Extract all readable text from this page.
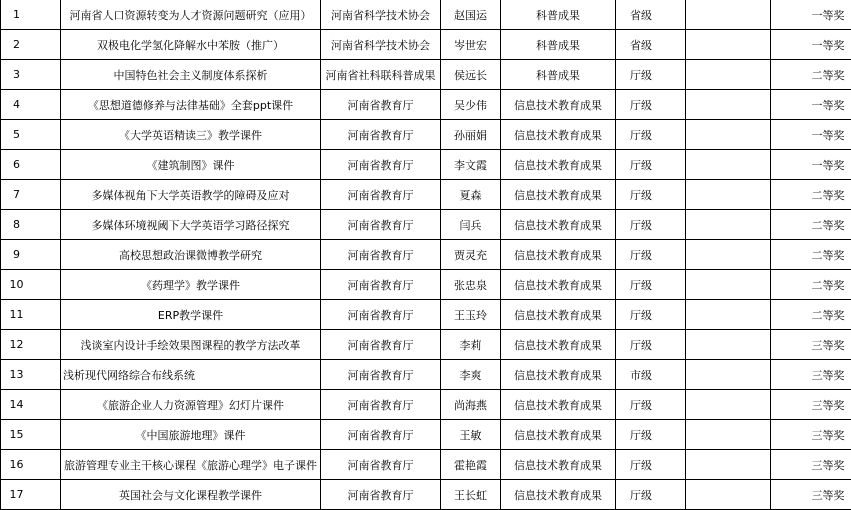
1	河南省人口资源转变为人才资源问题研究（应用）	河南省科学技术协会	赵国运	科普成果	省级		一等奖
2	双极电化学氢化降解水中苯胺（推广）	河南省科学技术协会	岑世宏	科普成果	省级		一等奖
3	中国特色社会主义制度体系探析	河南省社科联科普成果	侯远长	科普成果	厅级		二等奖
4	《思想道德修养与法律基础》全套ppt课件	河南省教育厅	吴少伟	信息技术教育成果	厅级		一等奖
5	《大学英语精读三》教学课件	河南省教育厅	孙丽娟	信息技术教育成果	厅级		一等奖
6	《建筑制图》课件	河南省教育厅	李文霞	信息技术教育成果	厅级		一等奖
7	多媒体视角下大学英语教学的障碍及应对	河南省教育厅	夏森	信息技术教育成果	厅级		二等奖
8	多媒体环境视阈下大学英语学习路径探究	河南省教育厅	闫兵	信息技术教育成果	厅级		二等奖
9	高校思想政治课微博教学研究	河南省教育厅	贾灵充	信息技术教育成果	厅级		二等奖
10	《药理学》教学课件	河南省教育厅	张忠泉	信息技术教育成果	厅级		二等奖
11	ERP教学课件	河南省教育厅	王玉玲	信息技术教育成果	厅级		二等奖
12	浅谈室内设计手绘效果图课程的教学方法改革	河南省教育厅	李莉	信息技术教育成果	厅级		三等奖
13	浅析现代网络综合布线系统	河南省教育厅	李爽	信息技术教育成果	市级		三等奖
14	《旅游企业人力资源管理》幻灯片课件	河南省教育厅	尚海燕	信息技术教育成果	厅级		三等奖
15	《中国旅游地理》课件	河南省教育厅	王敏	信息技术教育成果	厅级		三等奖
16	旅游管理专业主干核心课程《旅游心理学》电子课件	河南省教育厅	霍艳霞	信息技术教育成果	厅级		三等奖
17	英国社会与文化课程教学课件	河南省教育厅	王长虹	信息技术教育成果	厅级		三等奖
